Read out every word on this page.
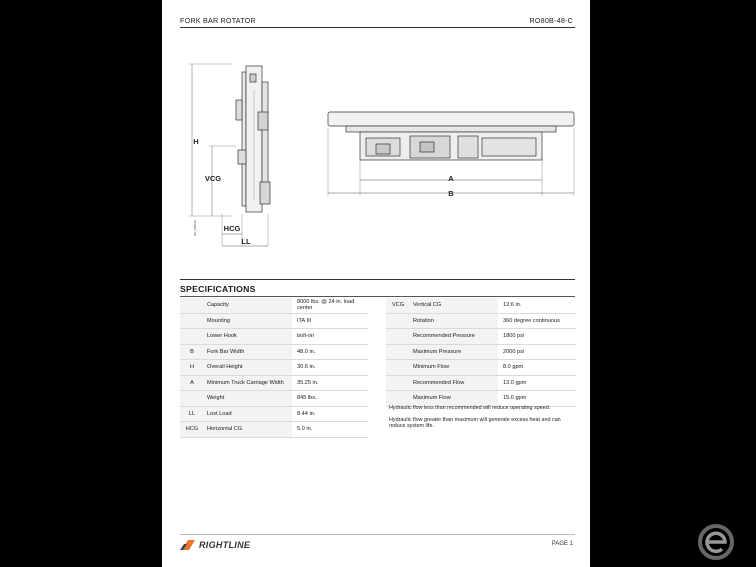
FORK BAR ROTATOR	RO80B-48-C
H
VCG
HCG
LL
RO_80B-48
A
B
SPECIFICATIONS
	Capacity	8000 lbs. @ 24 in. load center
	Mounting	ITA III
	Lower Hook	bolt-on
B	Fork Bar Width	48.0 in.
H	Overall Height	30.6 in.
A	Minimum Truck Carriage Width	35.25 in.
	Weight	845 lbs.
LL	Lost Load	8.44 in.
HCG	Horizontal CG	5.0 in.
VCG	Vertical CG	12.6 in.
	Rotation	360 degree continuous
	Recommended Pressure	1800 psi
	Maximum Pressure	2000 psi
	Minimum Flow	8.0 gpm
	Recommended Flow	13.0 gpm
	Maximum Flow	15.0 gpm
Hydraulic flow less than recommended will reduce operating speed.
Hydraulic flow greater than maximum will generate excess heat and can reduce system life.
RIGHTLINE	PAGE 1
